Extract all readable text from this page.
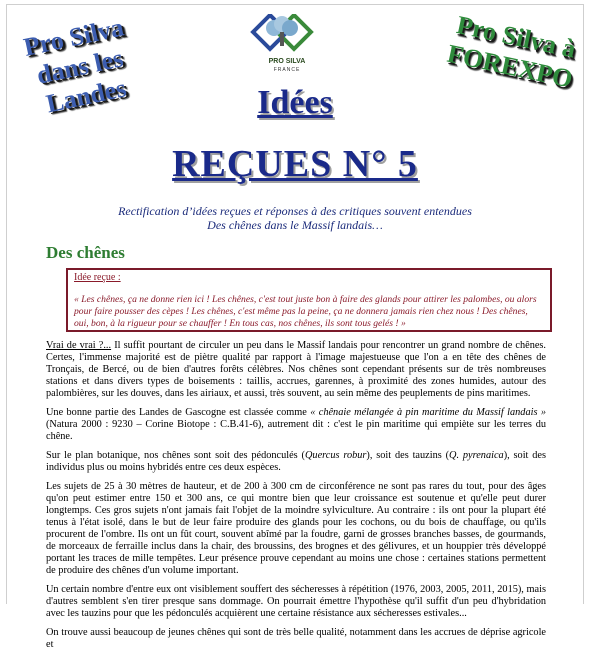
Pro Silva dans les Landes
Pro Silva à FOREXPO
PRO SILVA
FRANCE
Idées
REÇUES N° 5
Rectification d’idées reçues et réponses à des critiques souvent entendues
Des chênes dans le Massif landais…
Des chênes

Idée reçue :

« Les chênes, ça ne donne rien ici ! Les chênes, c'est tout juste bon à faire des glands pour attirer les palombes, ou alors pour faire pousser des cèpes ! Les chênes, c'est même pas la peine, ça ne donnera jamais rien chez nous ! Des chênes, oui, bon, à la rigueur pour se chauffer ! En tous cas, nos chênes, ils sont tous gelés ! »

Vrai de vrai ?... Il suffit pourtant de circuler un peu dans le Massif landais pour rencontrer un grand nombre de chênes. Certes, l'immense majorité est de piètre qualité par rapport à l'image majestueuse que l'on a en tête des chênes de Tronçais, de Bercé, ou de bien d'autres forêts célèbres. Nos chênes sont cependant présents sur de très nombreuses stations et dans divers types de boisements : taillis, accrues, garennes, à proximité des zones humides, autour des palombières, sur les douves, dans les airiaux, et aussi, très souvent, au sein même des peuplements de pins maritimes.

Une bonne partie des Landes de Gascogne est classée comme « chênaie mélangée à pin maritime du Massif landais » (Natura 2000 : 9230 – Corine Biotope : C.B.41-6), autrement dit : c'est le pin maritime qui empiète sur les terres du chêne.

Sur le plan botanique, nos chênes sont soit des pédonculés (Quercus robur), soit des tauzins (Q. pyrenaica), soit des individus plus ou moins hybridés entre ces deux espèces.

Les sujets de 25 à 30 mètres de hauteur, et de 200 à 300 cm de circonférence ne sont pas rares du tout, pour des âges qu'on peut estimer entre 150 et 300 ans, ce qui montre bien que leur croissance est soutenue et qu'elle peut durer longtemps. Ces gros sujets n'ont jamais fait l'objet de la moindre sylviculture. Au contraire : ils ont pour la plupart été tenus à l'état isolé, dans le but de leur faire produire des glands pour les cochons, ou du bois de chauffage, ou qu'ils procurent de l'ombre. Ils ont un fût court, souvent abîmé par la foudre, garni de grosses branches basses, de gourmands, de morceaux de ferraille inclus dans la chair, des broussins, des brognes et des gélivures, et un houppier très développé portant les traces de mille tempêtes. Leur présence prouve cependant au moins une chose : certaines stations permettent de produire des chênes d'un volume important.

Un certain nombre d'entre eux ont visiblement souffert des sécheresses à répétition (1976, 2003, 2005, 2011, 2015), mais d'autres semblent s'en tirer presque sans dommage. On pourrait émettre l'hypothèse qu'il suffit d'un peu d'hybridation avec les tauzins pour que les pédonculés acquièrent une certaine résistance aux sécheresses estivales...

On trouve aussi beaucoup de jeunes chênes qui sont de très belle qualité, notamment dans les accrues de déprise agricole et
